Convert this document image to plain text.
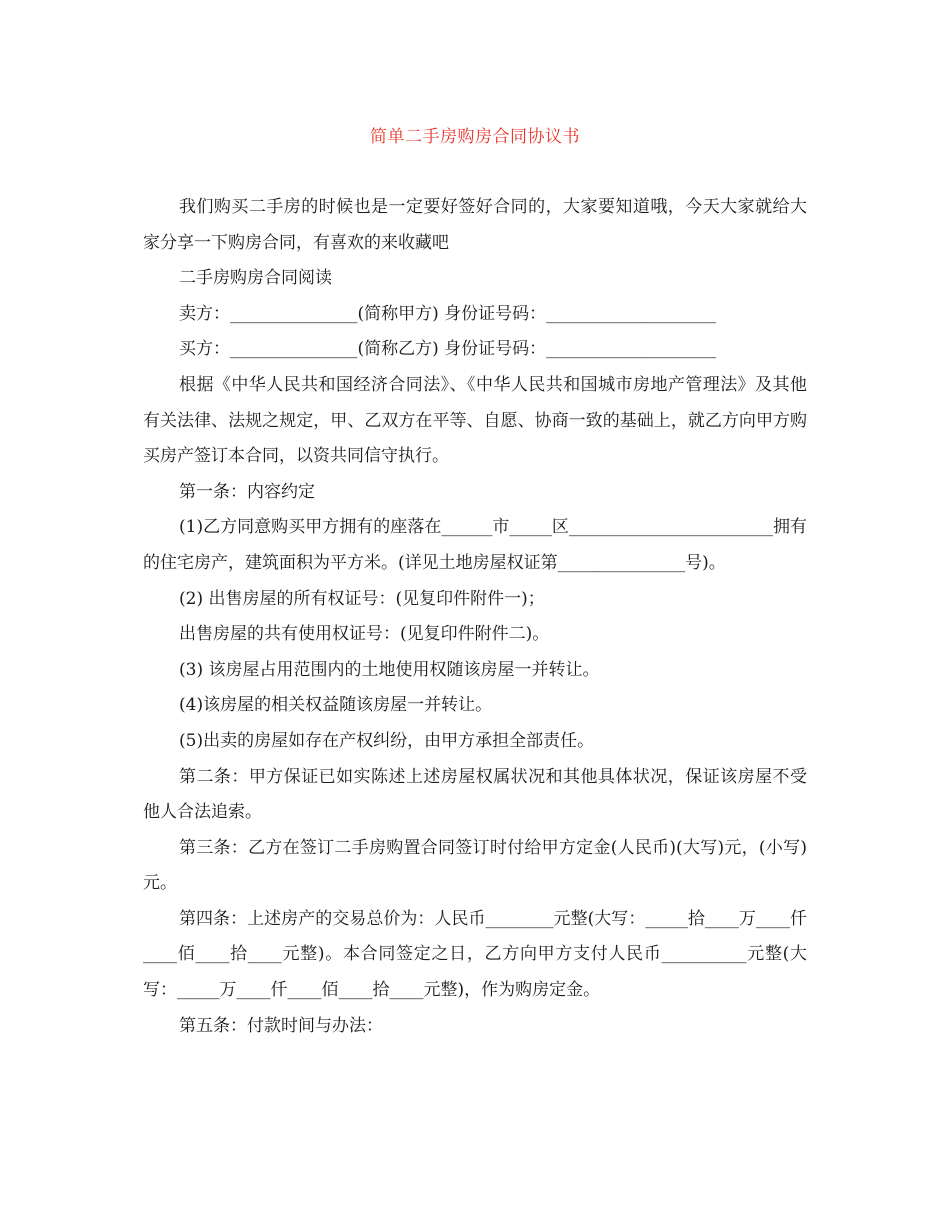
简单二手房购房合同协议书

我们购买二手房的时候也是一定要好签好合同的，大家要知道哦，今天大家就给大家分享一下购房合同，有喜欢的来收藏吧

二手房购房合同阅读

卖方：_______________(简称甲方) 身份证号码：____________________

买方：_______________(简称乙方) 身份证号码：____________________

根据《中华人民共和国经济合同法》、《中华人民共和国城市房地产管理法》及其他有关法律、法规之规定，甲、乙双方在平等、自愿、协商一致的基础上，就乙方向甲方购买房产签订本合同，以资共同信守执行。

第一条：内容约定

(1)乙方同意购买甲方拥有的座落在______市_____区________________________拥有的住宅房产，建筑面积为平方米。(详见土地房屋权证第_______________号)。

(2) 出售房屋的所有权证号：(见复印件附件一)；

出售房屋的共有使用权证号：(见复印件附件二)。

(3) 该房屋占用范围内的土地使用权随该房屋一并转让。

(4)该房屋的相关权益随该房屋一并转让。

(5)出卖的房屋如存在产权纠纷，由甲方承担全部责任。

第二条：甲方保证已如实陈述上述房屋权属状况和其他具体状况，保证该房屋不受他人合法追索。

第三条：乙方在签订二手房购置合同签订时付给甲方定金(人民币)(大写)元，(小写) 元。

第四条：上述房产的交易总价为：人民币________元整(大写：_____拾____万____仟____佰____拾____元整)。本合同签定之日，乙方向甲方支付人民币__________元整(大写：_____万____仟____佰____拾____元整)，作为购房定金。

第五条：付款时间与办法：
